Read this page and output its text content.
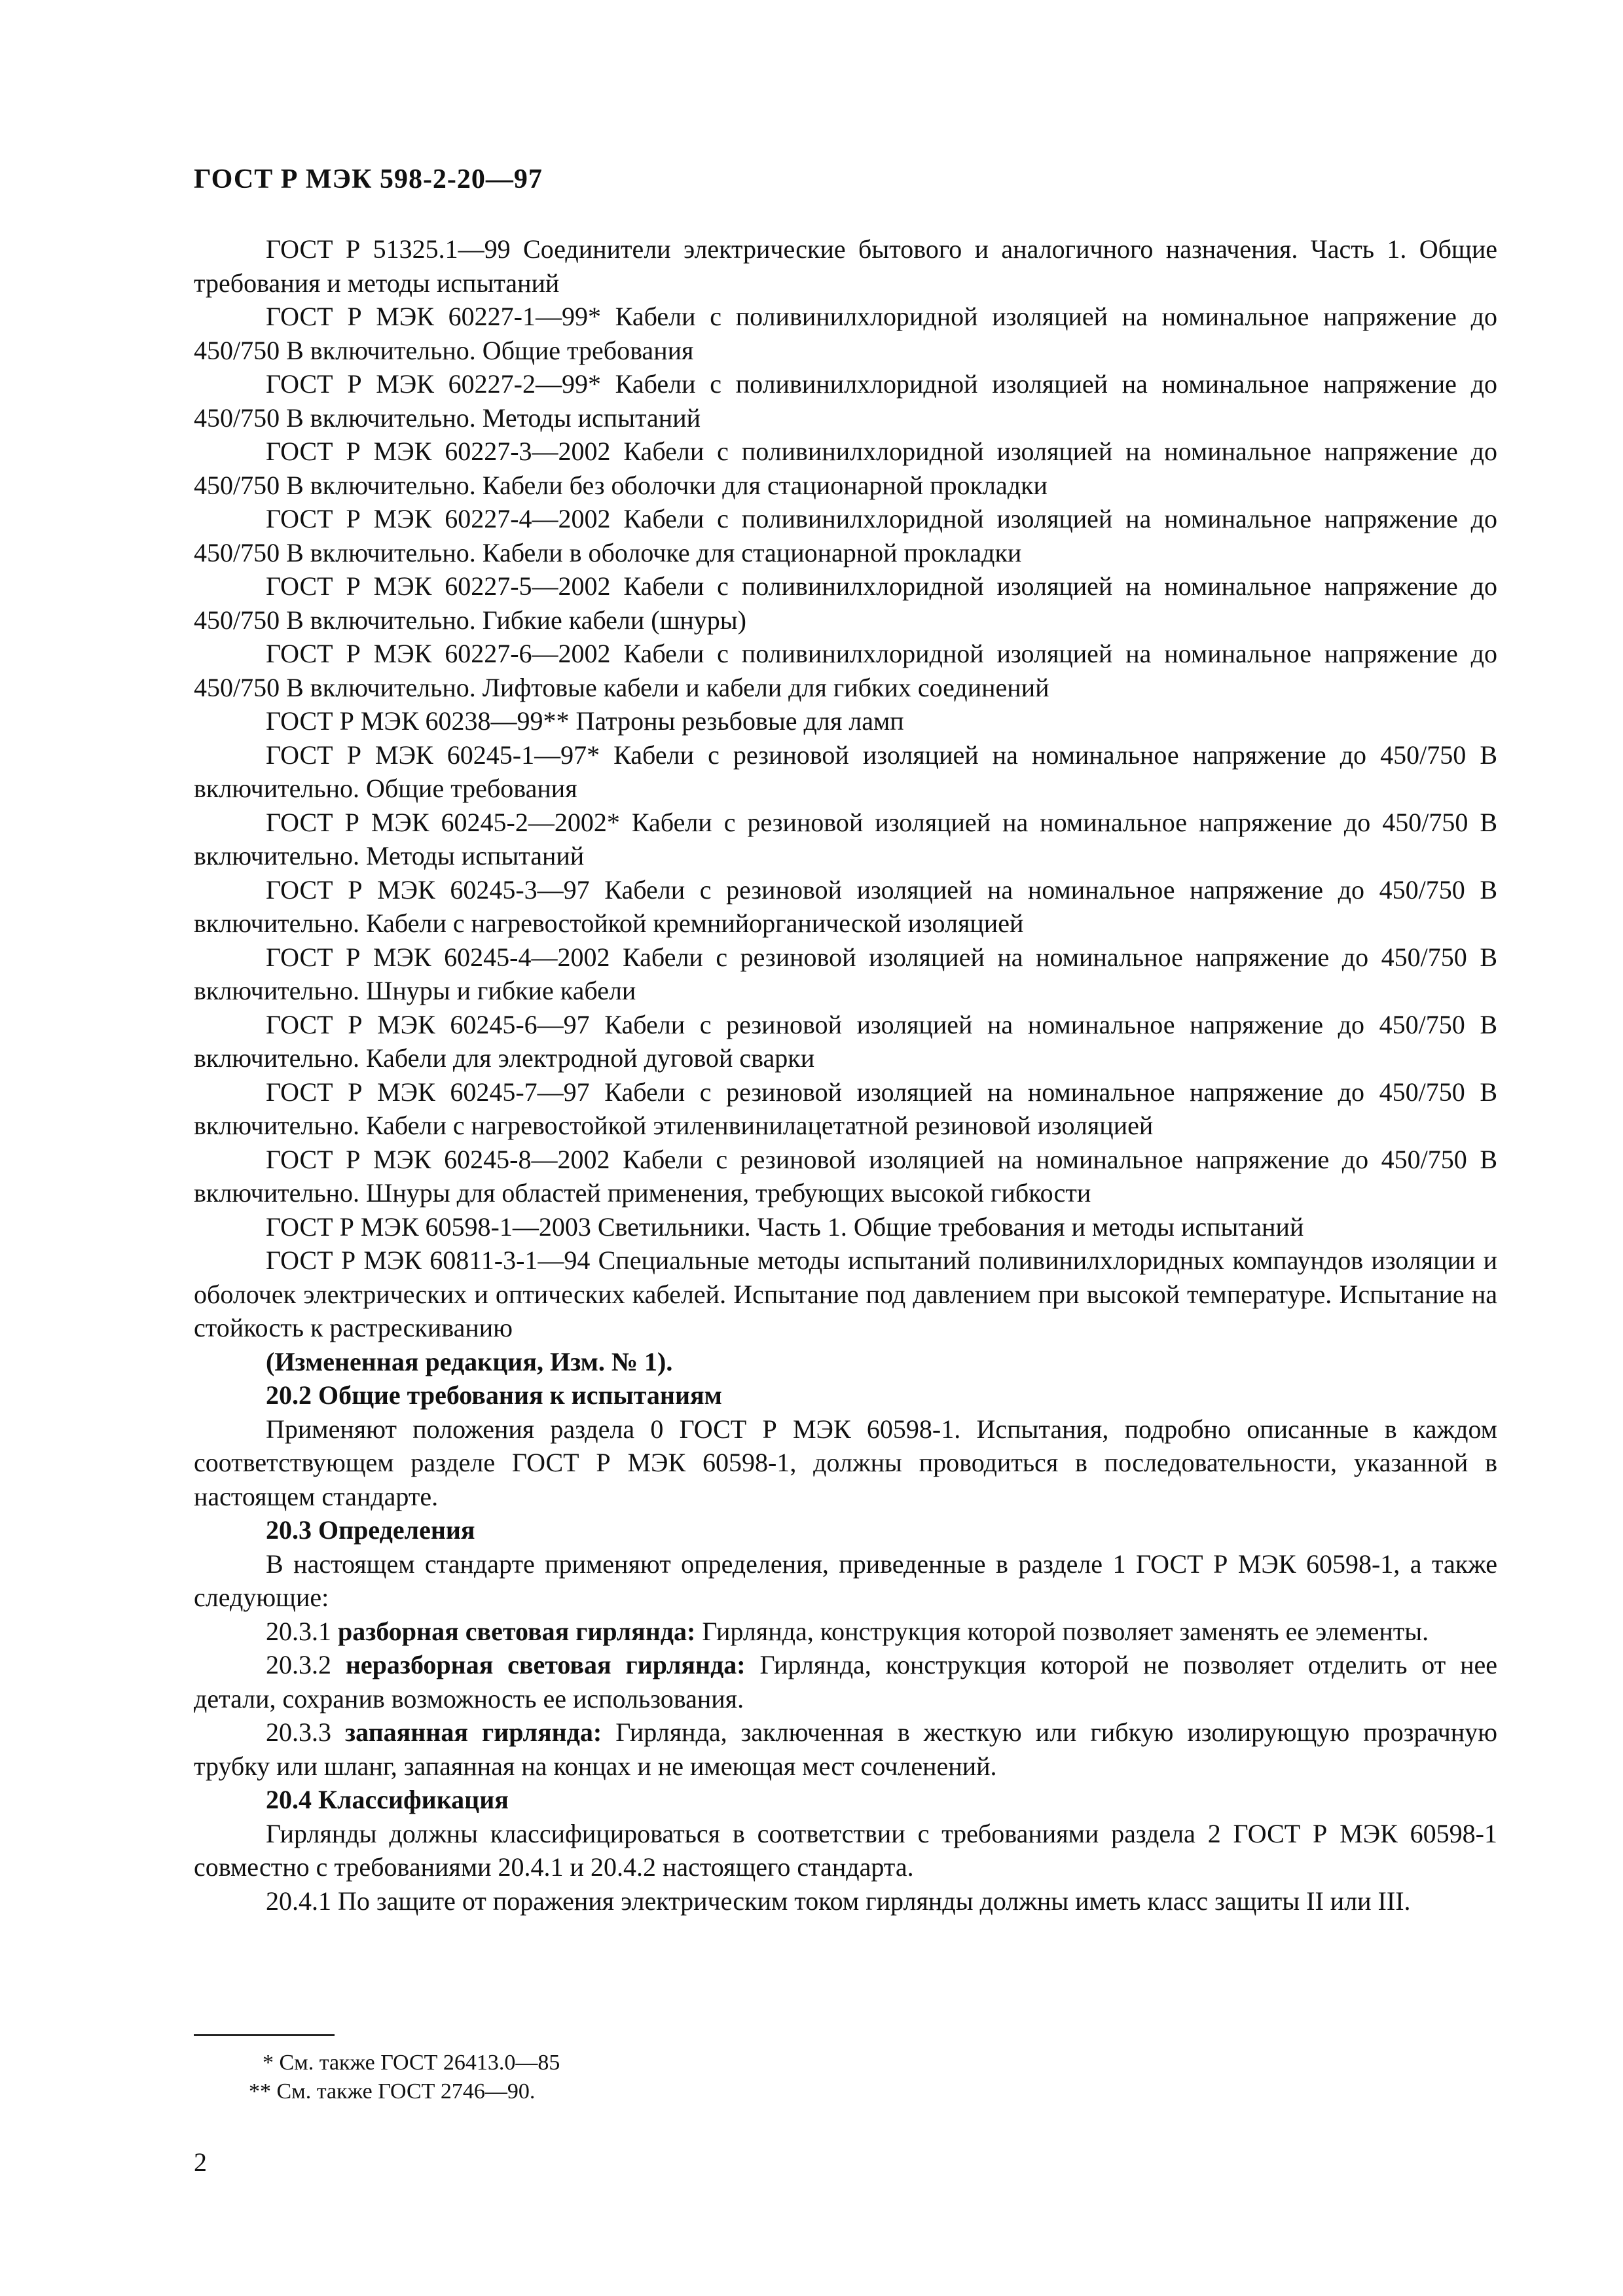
ГОСТ Р МЭК 598-2-20—97

ГОСТ Р 51325.1—99 Соединители электрические бытового и аналогичного назначения. Часть 1. Общие требования и методы испытаний

ГОСТ Р МЭК 60227-1—99* Кабели с поливинилхлоридной изоляцией на номинальное напряжение до 450/750 В включительно. Общие требования

ГОСТ Р МЭК 60227-2—99* Кабели с поливинилхлоридной изоляцией на номинальное напряжение до 450/750 В включительно. Методы испытаний

ГОСТ Р МЭК 60227-3—2002 Кабели с поливинилхлоридной изоляцией на номинальное напряжение до 450/750 В включительно. Кабели без оболочки для стационарной прокладки

ГОСТ Р МЭК 60227-4—2002 Кабели с поливинилхлоридной изоляцией на номинальное напряжение до 450/750 В включительно. Кабели в оболочке для стационарной прокладки

ГОСТ Р МЭК 60227-5—2002 Кабели с поливинилхлоридной изоляцией на номинальное напряжение до 450/750 В включительно. Гибкие кабели (шнуры)

ГОСТ Р МЭК 60227-6—2002 Кабели с поливинилхлоридной изоляцией на номинальное напряжение до 450/750 В включительно. Лифтовые кабели и кабели для гибких соединений

ГОСТ Р МЭК 60238—99** Патроны резьбовые для ламп

ГОСТ Р МЭК 60245-1—97* Кабели с резиновой изоляцией на номинальное напряжение до 450/750 В включительно. Общие требования

ГОСТ Р МЭК 60245-2—2002* Кабели с резиновой изоляцией на номинальное напряжение до 450/750 В включительно. Методы испытаний

ГОСТ Р МЭК 60245-3—97 Кабели с резиновой изоляцией на номинальное напряжение до 450/750 В включительно. Кабели с нагревостойкой кремнийорганической изоляцией

ГОСТ Р МЭК 60245-4—2002 Кабели с резиновой изоляцией на номинальное напряжение до 450/750 В включительно. Шнуры и гибкие кабели

ГОСТ Р МЭК 60245-6—97 Кабели с резиновой изоляцией на номинальное напряжение до 450/750 В включительно. Кабели для электродной дуговой сварки

ГОСТ Р МЭК 60245-7—97 Кабели с резиновой изоляцией на номинальное напряжение до 450/750 В включительно. Кабели с нагревостойкой этиленвинилацетатной резиновой изоляцией

ГОСТ Р МЭК 60245-8—2002 Кабели с резиновой изоляцией на номинальное напряжение до 450/750 В включительно. Шнуры для областей применения, требующих высокой гибкости

ГОСТ Р МЭК 60598-1—2003 Светильники. Часть 1. Общие требования и методы испытаний

ГОСТ Р МЭК 60811-3-1—94 Специальные методы испытаний поливинилхлоридных компаундов изоляции и оболочек электрических и оптических кабелей. Испытание под давлением при высокой температуре. Испытание на стойкость к растрескиванию

(Измененная редакция, Изм. № 1).

20.2 Общие требования к испытаниям

Применяют положения раздела 0 ГОСТ Р МЭК 60598-1. Испытания, подробно описанные в каждом соответствующем разделе ГОСТ Р МЭК 60598-1, должны проводиться в последовательности, указанной в настоящем стандарте.

20.3 Определения

В настоящем стандарте применяют определения, приведенные в разделе 1 ГОСТ Р МЭК 60598-1, а также следующие:

20.3.1 разборная световая гирлянда: Гирлянда, конструкция которой позволяет заменять ее элементы.

20.3.2 неразборная световая гирлянда: Гирлянда, конструкция которой не позволяет отделить от нее детали, сохранив возможность ее использования.

20.3.3 запаянная гирлянда: Гирлянда, заключенная в жесткую или гибкую изолирующую прозрачную трубку или шланг, запаянная на концах и не имеющая мест сочленений.

20.4 Классификация

Гирлянды должны классифицироваться в соответствии с требованиями раздела 2 ГОСТ Р МЭК 60598-1 совместно с требованиями 20.4.1 и 20.4.2 настоящего стандарта.

20.4.1 По защите от поражения электрическим током гирлянды должны иметь класс защиты II или III.

* См. также ГОСТ 26413.0—85
** См. также ГОСТ 2746—90.
2
